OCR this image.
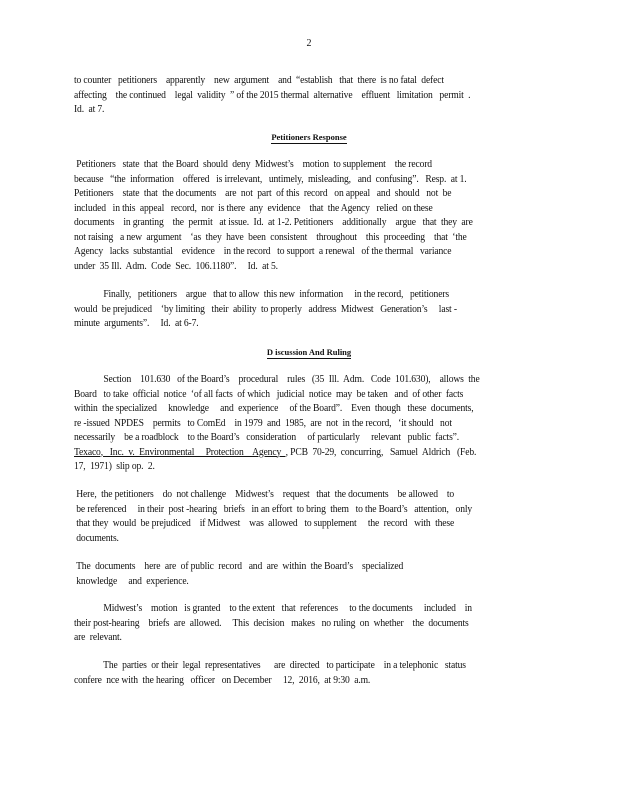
2
to counter   petitioners    apparently    new  argument    and  “establish   that  there  is no fatal  defect
affecting    the continued    legal  validity  ” of the 2015 thermal  alternative    effluent   limitation   permit  .
Id.  at 7.
Petitioners Response
Petitioners   state  that  the Board  should  deny  Midwest’s    motion  to supplement    the record
because   “the  information    offered   is irrelevant,   untimely,  misleading,   and  confusing”.   Resp.  at 1.
Petitioners    state  that  the documents    are  not  part  of this  record   on appeal   and  should   not  be
included   in this  appeal   record,  nor  is there  any  evidence    that  the Agency   relied  on these
documents    in granting    the  permit   at issue.  Id.  at 1-2. Petitioners    additionally    argue   that  they  are
not raising   a new  argument    ‘as  they  have  been  consistent    throughout    this  proceeding    that  ‘the
Agency   lacks  substantial    evidence    in the record   to support  a renewal   of the thermal   variance
under  35 Ill.  Adm.  Code  Sec.  106.1180”.     Id.  at 5.
Finally,   petitioners    argue   that to allow  this new  information     in the record,   petitioners
would  be prejudiced    ‘by limiting   their  ability  to properly   address  Midwest   Generation’s     last -
minute  arguments”.     Id.  at 6-7.
D iscussion And Ruling
Section    101.630   of the Board’s    procedural    rules   (35  Ill.  Adm.   Code  101.630),    allows  the
Board   to take  official  notice  ‘of all facts  of which   judicial  notice  may  be taken   and  of other  facts
within  the specialized     knowledge     and  experience     of the Board”.    Even  though   these  documents,
re -issued  NPDES    permits   to ComEd    in 1979  and  1985,  are  not  in the record,   ‘it should   not
necessarily    be a roadblock    to the Board’s   consideration     of particularly     relevant   public  facts”.
Texaco,   Inc.  v.  Environmental     Protection    Agency  , PCB  70-29,  concurring,   Samuel  Aldrich   (Feb.
17,  1971)  slip op.  2.
Here,  the petitioners    do  not challenge    Midwest’s    request   that  the documents    be allowed    to
be referenced     in their  post -hearing   briefs   in an effort  to bring  them   to the Board’s   attention,   only
that they  would  be prejudiced    if Midwest    was  allowed   to supplement     the  record   with  these
documents.
The  documents    here  are  of public  record   and  are  within  the Board’s    specialized
knowledge     and  experience.
Midwest’s    motion   is granted    to the extent   that  references     to the documents     included    in
their post-hearing    briefs  are  allowed.     This  decision   makes   no ruling  on  whether    the  documents
are  relevant.
The  parties  or their  legal  representatives      are  directed   to participate    in a telephonic   status
confere  nce with  the hearing   officer   on December     12,  2016,  at 9:30  a.m.
